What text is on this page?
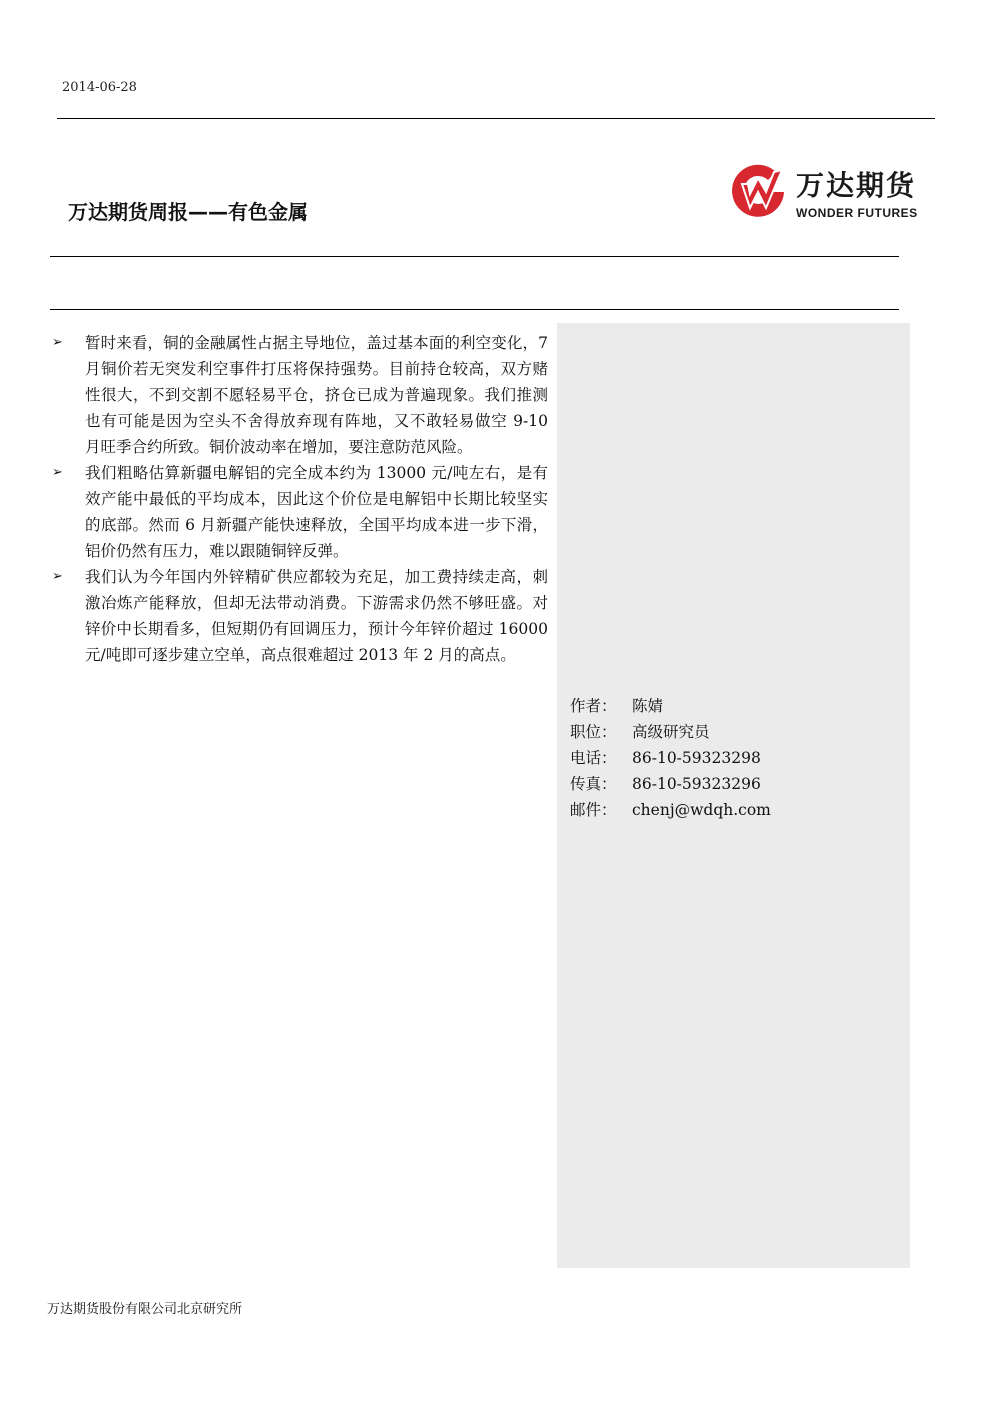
2014-06-28
万达期货周报——有色金属
万达期货
WONDER FUTURES
➢ 暂时来看，铜的金融属性占据主导地位，盖过基本面的利空变化，7 月铜价若无突发利空事件打压将保持强势。目前持仓较高，双方赌性很大，不到交割不愿轻易平仓，挤仓已成为普遍现象。我们推测也有可能是因为空头不舍得放弃现有阵地，又不敢轻易做空 9-10 月旺季合约所致。铜价波动率在增加，要注意防范风险。
➢ 我们粗略估算新疆电解铝的完全成本约为 13000 元/吨左右，是有效产能中最低的平均成本，因此这个价位是电解铝中长期比较坚实的底部。然而 6 月新疆产能快速释放，全国平均成本进一步下滑，铝价仍然有压力，难以跟随铜锌反弹。
➢ 我们认为今年国内外锌精矿供应都较为充足，加工费持续走高，刺激冶炼产能释放，但却无法带动消费。下游需求仍然不够旺盛。对锌价中长期看多，但短期仍有回调压力，预计今年锌价超过 16000 元/吨即可逐步建立空单，高点很难超过 2013 年 2 月的高点。
作者： 陈婧
职位： 高级研究员
电话： 86-10-59323298
传真： 86-10-59323296
邮件： chenj@wdqh.com
万达期货股份有限公司北京研究所
